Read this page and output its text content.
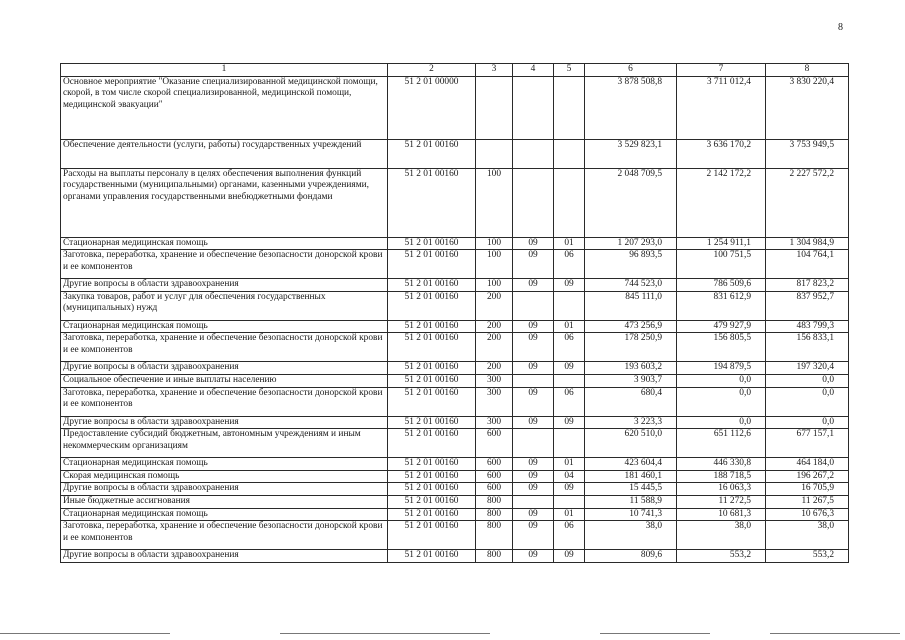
8
1	2	3	4	5	6	7	8
Основное мероприятие "Оказание специализированной медицинской помощи, скорой, в том числе скорой специализированной, медицинской помощи, медицинской эвакуации"	51 2 01 00000				3 878 508,8	3 711 012,4	3 830 220,4
Обеспечение деятельности (услуги, работы) государственных учреждений	51 2 01 00160				3 529 823,1	3 636 170,2	3 753 949,5
Расходы на выплаты персоналу в целях обеспечения выполнения функций государственными (муниципальными) органами, казенными учреждениями, органами управления государственными внебюджетными фондами	51 2 01 00160	100			2 048 709,5	2 142 172,2	2 227 572,2
Стационарная медицинская помощь	51 2 01 00160	100	09	01	1 207 293,0	1 254 911,1	1 304 984,9
Заготовка, переработка, хранение и обеспечение безопасности донорской крови и ее компонентов	51 2 01 00160	100	09	06	96 893,5	100 751,5	104 764,1
Другие вопросы в области здравоохранения	51 2 01 00160	100	09	09	744 523,0	786 509,6	817 823,2
Закупка товаров, работ и услуг для обеспечения государственных (муниципальных) нужд	51 2 01 00160	200			845 111,0	831 612,9	837 952,7
Стационарная медицинская помощь	51 2 01 00160	200	09	01	473 256,9	479 927,9	483 799,3
Заготовка, переработка, хранение и обеспечение безопасности донорской крови и ее компонентов	51 2 01 00160	200	09	06	178 250,9	156 805,5	156 833,1
Другие вопросы в области здравоохранения	51 2 01 00160	200	09	09	193 603,2	194 879,5	197 320,4
Социальное обеспечение и иные выплаты населению	51 2 01 00160	300			3 903,7	0,0	0,0
Заготовка, переработка, хранение и обеспечение безопасности донорской крови и ее компонентов	51 2 01 00160	300	09	06	680,4	0,0	0,0
Другие вопросы в области здравоохранения	51 2 01 00160	300	09	09	3 223,3	0,0	0,0
Предоставление субсидий бюджетным, автономным учреждениям и иным некоммерческим организациям	51 2 01 00160	600			620 510,0	651 112,6	677 157,1
Стационарная медицинская помощь	51 2 01 00160	600	09	01	423 604,4	446 330,8	464 184,0
Скорая медицинская помощь	51 2 01 00160	600	09	04	181 460,1	188 718,5	196 267,2
Другие вопросы в области здравоохранения	51 2 01 00160	600	09	09	15 445,5	16 063,3	16 705,9
Иные бюджетные ассигнования	51 2 01 00160	800			11 588,9	11 272,5	11 267,5
Стационарная медицинская помощь	51 2 01 00160	800	09	01	10 741,3	10 681,3	10 676,3
Заготовка, переработка, хранение и обеспечение безопасности донорской крови и ее компонентов	51 2 01 00160	800	09	06	38,0	38,0	38,0
Другие вопросы в области здравоохранения	51 2 01 00160	800	09	09	809,6	553,2	553,2
